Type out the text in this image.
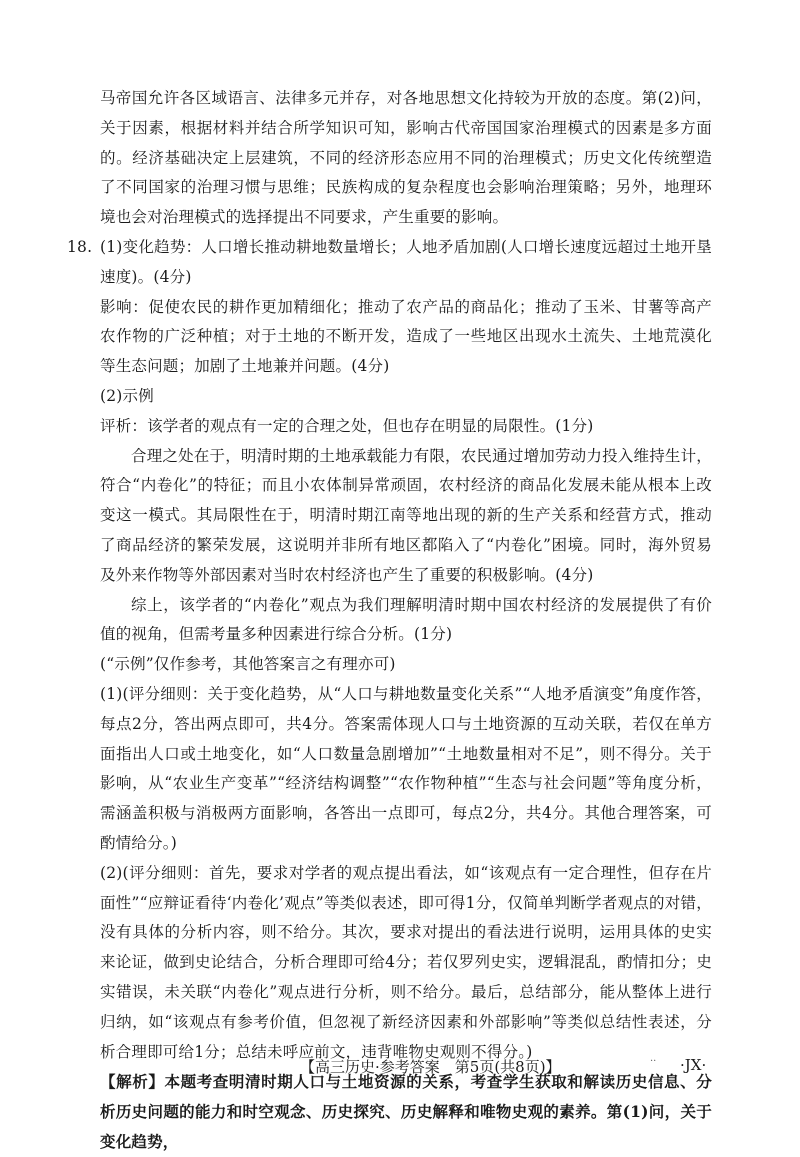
马帝国允许各区域语言、法律多元并存，对各地思想文化持较为开放的态度。第(2)问，关于因素，根据材料并结合所学知识可知，影响古代帝国国家治理模式的因素是多方面的。经济基础决定上层建筑，不同的经济形态应用不同的治理模式；历史文化传统塑造了不同国家的治理习惯与思维；民族构成的复杂程度也会影响治理策略；另外，地理环境也会对治理模式的选择提出不同要求，产生重要的影响。

18. (1)变化趋势：人口增长推动耕地数量增长；人地矛盾加剧(人口增长速度远超过土地开垦速度)。(4分)

影响：促使农民的耕作更加精细化；推动了农产品的商品化；推动了玉米、甘薯等高产农作物的广泛种植；对于土地的不断开发，造成了一些地区出现水土流失、土地荒漠化等生态问题；加剧了土地兼并问题。(4分)

(2)示例

评析：该学者的观点有一定的合理之处，但也存在明显的局限性。(1分)

合理之处在于，明清时期的土地承载能力有限，农民通过增加劳动力投入维持生计，符合“内卷化”的特征；而且小农体制异常顽固，农村经济的商品化发展未能从根本上改变这一模式。其局限性在于，明清时期江南等地出现的新的生产关系和经营方式，推动了商品经济的繁荣发展，这说明并非所有地区都陷入了“内卷化”困境。同时，海外贸易及外来作物等外部因素对当时农村经济也产生了重要的积极影响。(4分)

综上，该学者的“内卷化”观点为我们理解明清时期中国农村经济的发展提供了有价值的视角，但需考量多种因素进行综合分析。(1分)

(“示例”仅作参考，其他答案言之有理亦可)

(1)(评分细则：关于变化趋势，从“人口与耕地数量变化关系”“人地矛盾演变”角度作答，每点2分，答出两点即可，共4分。答案需体现人口与土地资源的互动关联，若仅在单方面指出人口或土地变化，如“人口数量急剧增加”“土地数量相对不足”，则不得分。关于影响，从“农业生产变革”“经济结构调整”“农作物种植”“生态与社会问题”等角度分析，需涵盖积极与消极两方面影响，各答出一点即可，每点2分，共4分。其他合理答案，可酌情给分。)

(2)(评分细则：首先，要求对学者的观点提出看法，如“该观点有一定合理性，但存在片面性”“应辩证看待‘内卷化’观点”等类似表述，即可得1分，仅简单判断学者观点的对错，没有具体的分析内容，则不给分。其次，要求对提出的看法进行说明，运用具体的史实来论证，做到史论结合，分析合理即可给4分；若仅罗列史实，逻辑混乱，酌情扣分；史实错误，未关联“内卷化”观点进行分析，则不给分。最后，总结部分，能从整体上进行归纳，如“该观点有参考价值，但忽视了新经济因素和外部影响”等类似总结性表述，分析合理即可给1分；总结未呼应前文，违背唯物史观则不得分。)

【解析】本题考查明清时期人口与土地资源的关系，考查学生获取和解读历史信息、分析历史问题的能力和时空观念、历史探究、历史解释和唯物史观的素养。第(1)问，关于变化趋势，

【高三历史·参考答案　第5页(共8页)】	·· ·JX·
